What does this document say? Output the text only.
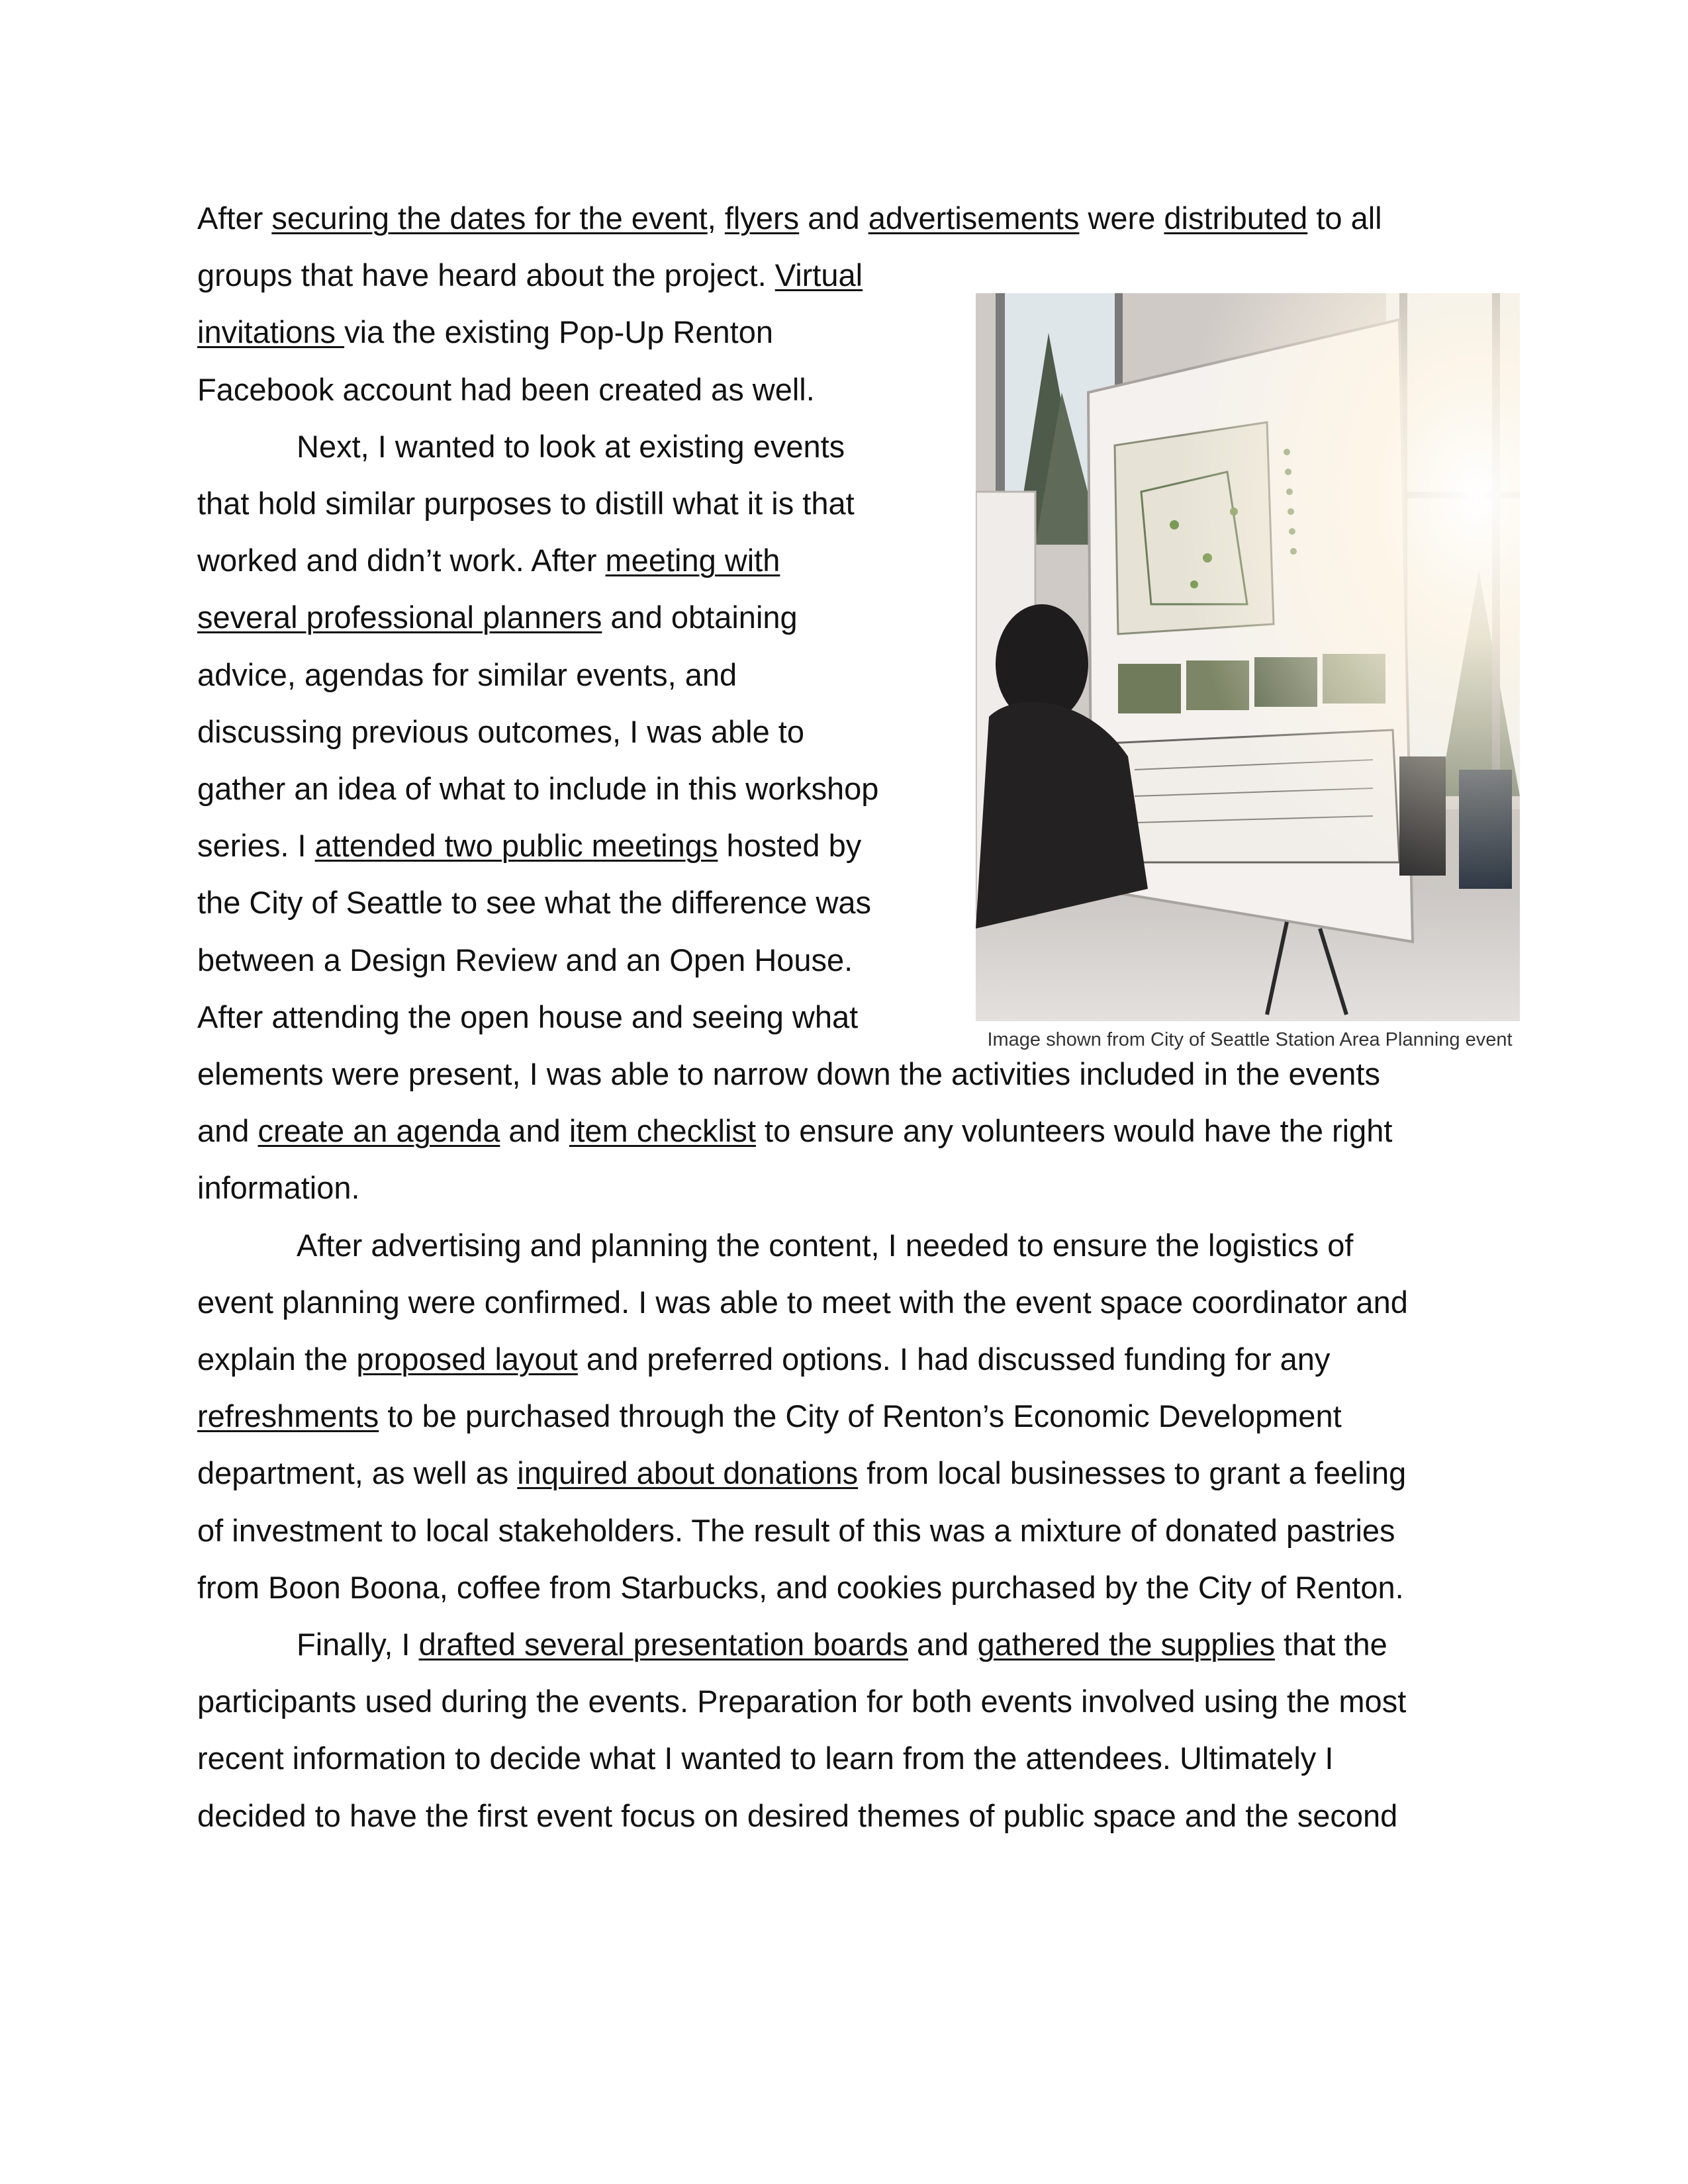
After securing the dates for the event, flyers and advertisements were distributed to all

groups that have heard about the project. Virtual

invitations via the existing Pop-Up Renton

Facebook account had been created as well.

Next, I wanted to look at existing events

that hold similar purposes to distill what it is that

worked and didn’t work. After meeting with

several professional planners and obtaining

advice, agendas for similar events, and

discussing previous outcomes, I was able to

gather an idea of what to include in this workshop

series. I attended two public meetings hosted by

the City of Seattle to see what the difference was

between a Design Review and an Open House.

After attending the open house and seeing what

elements were present, I was able to narrow down the activities included in the events

and create an agenda and item checklist to ensure any volunteers would have the right

information.

After advertising and planning the content, I needed to ensure the logistics of

event planning were confirmed. I was able to meet with the event space coordinator and

explain the proposed layout and preferred options. I had discussed funding for any

refreshments to be purchased through the City of Renton’s Economic Development

department, as well as inquired about donations from local businesses to grant a feeling

of investment to local stakeholders. The result of this was a mixture of donated pastries

from Boon Boona, coffee from Starbucks, and cookies purchased by the City of Renton.

Finally, I drafted several presentation boards and gathered the supplies that the

participants used during the events. Preparation for both events involved using the most

recent information to decide what I wanted to learn from the attendees. Ultimately I

decided to have the first event focus on desired themes of public space and the second

Image shown from City of Seattle Station Area Planning event
